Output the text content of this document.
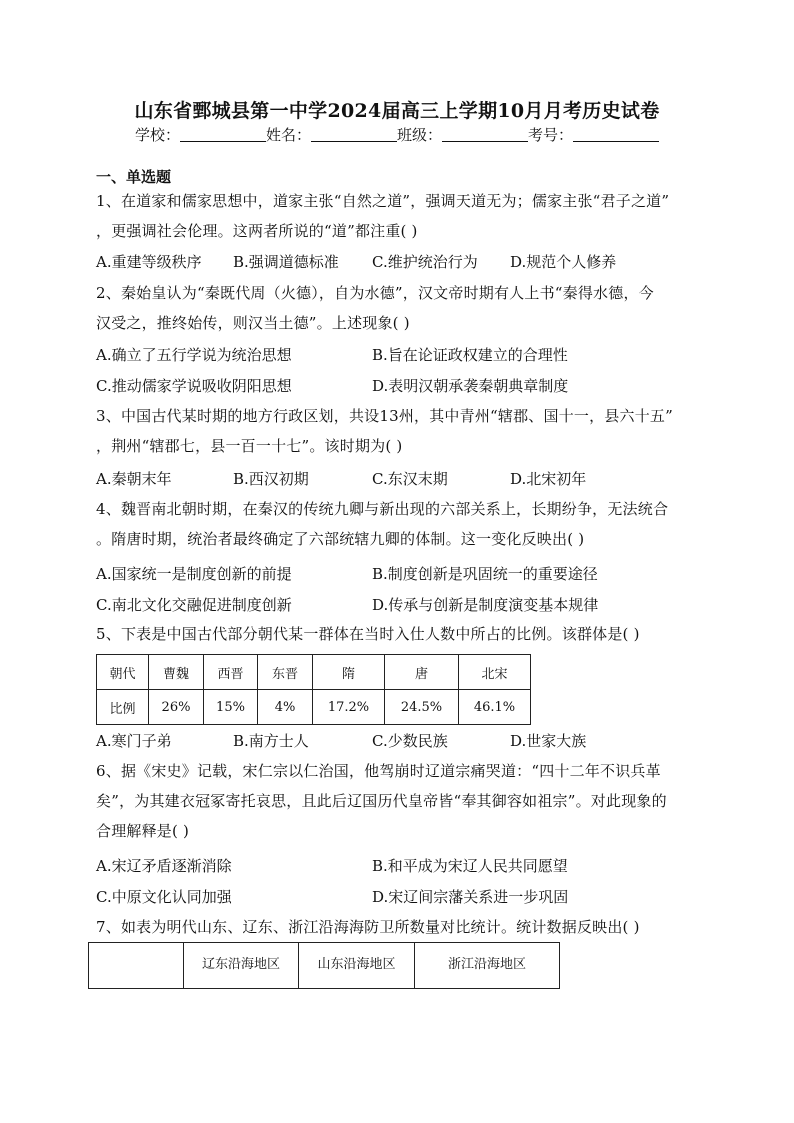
山东省鄄城县第一中学2024届高三上学期10月月考历史试卷
学校：	姓名：	班级：	考号：
一、单选题
1、在道家和儒家思想中，道家主张“自然之道”，强调天道无为；儒家主张“君子之道”
，更强调社会伦理。这两者所说的“道”都注重( )
A.重建等级秩序 B.强调道德标准 C.维护统治行为 D.规范个人修养
2、秦始皇认为“秦既代周（火德），自为水德”，汉文帝时期有人上书“秦得水德，今
汉受之，推终始传，则汉当土德”。上述现象( )
A.确立了五行学说为统治思想	B.旨在论证政权建立的合理性
C.推动儒家学说吸收阴阳思想	D.表明汉朝承袭秦朝典章制度
3、中国古代某时期的地方行政区划，共设13州，其中青州“辖郡、国十一，县六十五”
，荆州“辖郡七，县一百一十七”。该时期为( )
A.秦朝末年	B.西汉初期	C.东汉末期	D.北宋初年
4、魏晋南北朝时期，在秦汉的传统九卿与新出现的六部关系上，长期纷争，无法统合
。隋唐时期，统治者最终确定了六部统辖九卿的体制。这一变化反映出( )
A.国家统一是制度创新的前提	B.制度创新是巩固统一的重要途径
C.南北文化交融促进制度创新	D.传承与创新是制度演变基本规律
5、下表是中国古代部分朝代某一群体在当时入仕人数中所占的比例。该群体是( )
朝代	曹魏	西晋	东晋	隋	唐	北宋
比例	26%	15%	4%	17.2%	24.5%	46.1%
A.寒门子弟	B.南方士人	C.少数民族	D.世家大族
6、据《宋史》记载，宋仁宗以仁治国，他驾崩时辽道宗痛哭道：“四十二年不识兵革
矣”，为其建衣冠冢寄托哀思，且此后辽国历代皇帝皆“奉其御容如祖宗”。对此现象的
合理解释是( )
A.宋辽矛盾逐渐消除	B.和平成为宋辽人民共同愿望
C.中原文化认同加强	D.宋辽间宗藩关系进一步巩固
7、如表为明代山东、辽东、浙江沿海海防卫所数量对比统计。统计数据反映出( )
	辽东沿海地区	山东沿海地区	浙江沿海地区
